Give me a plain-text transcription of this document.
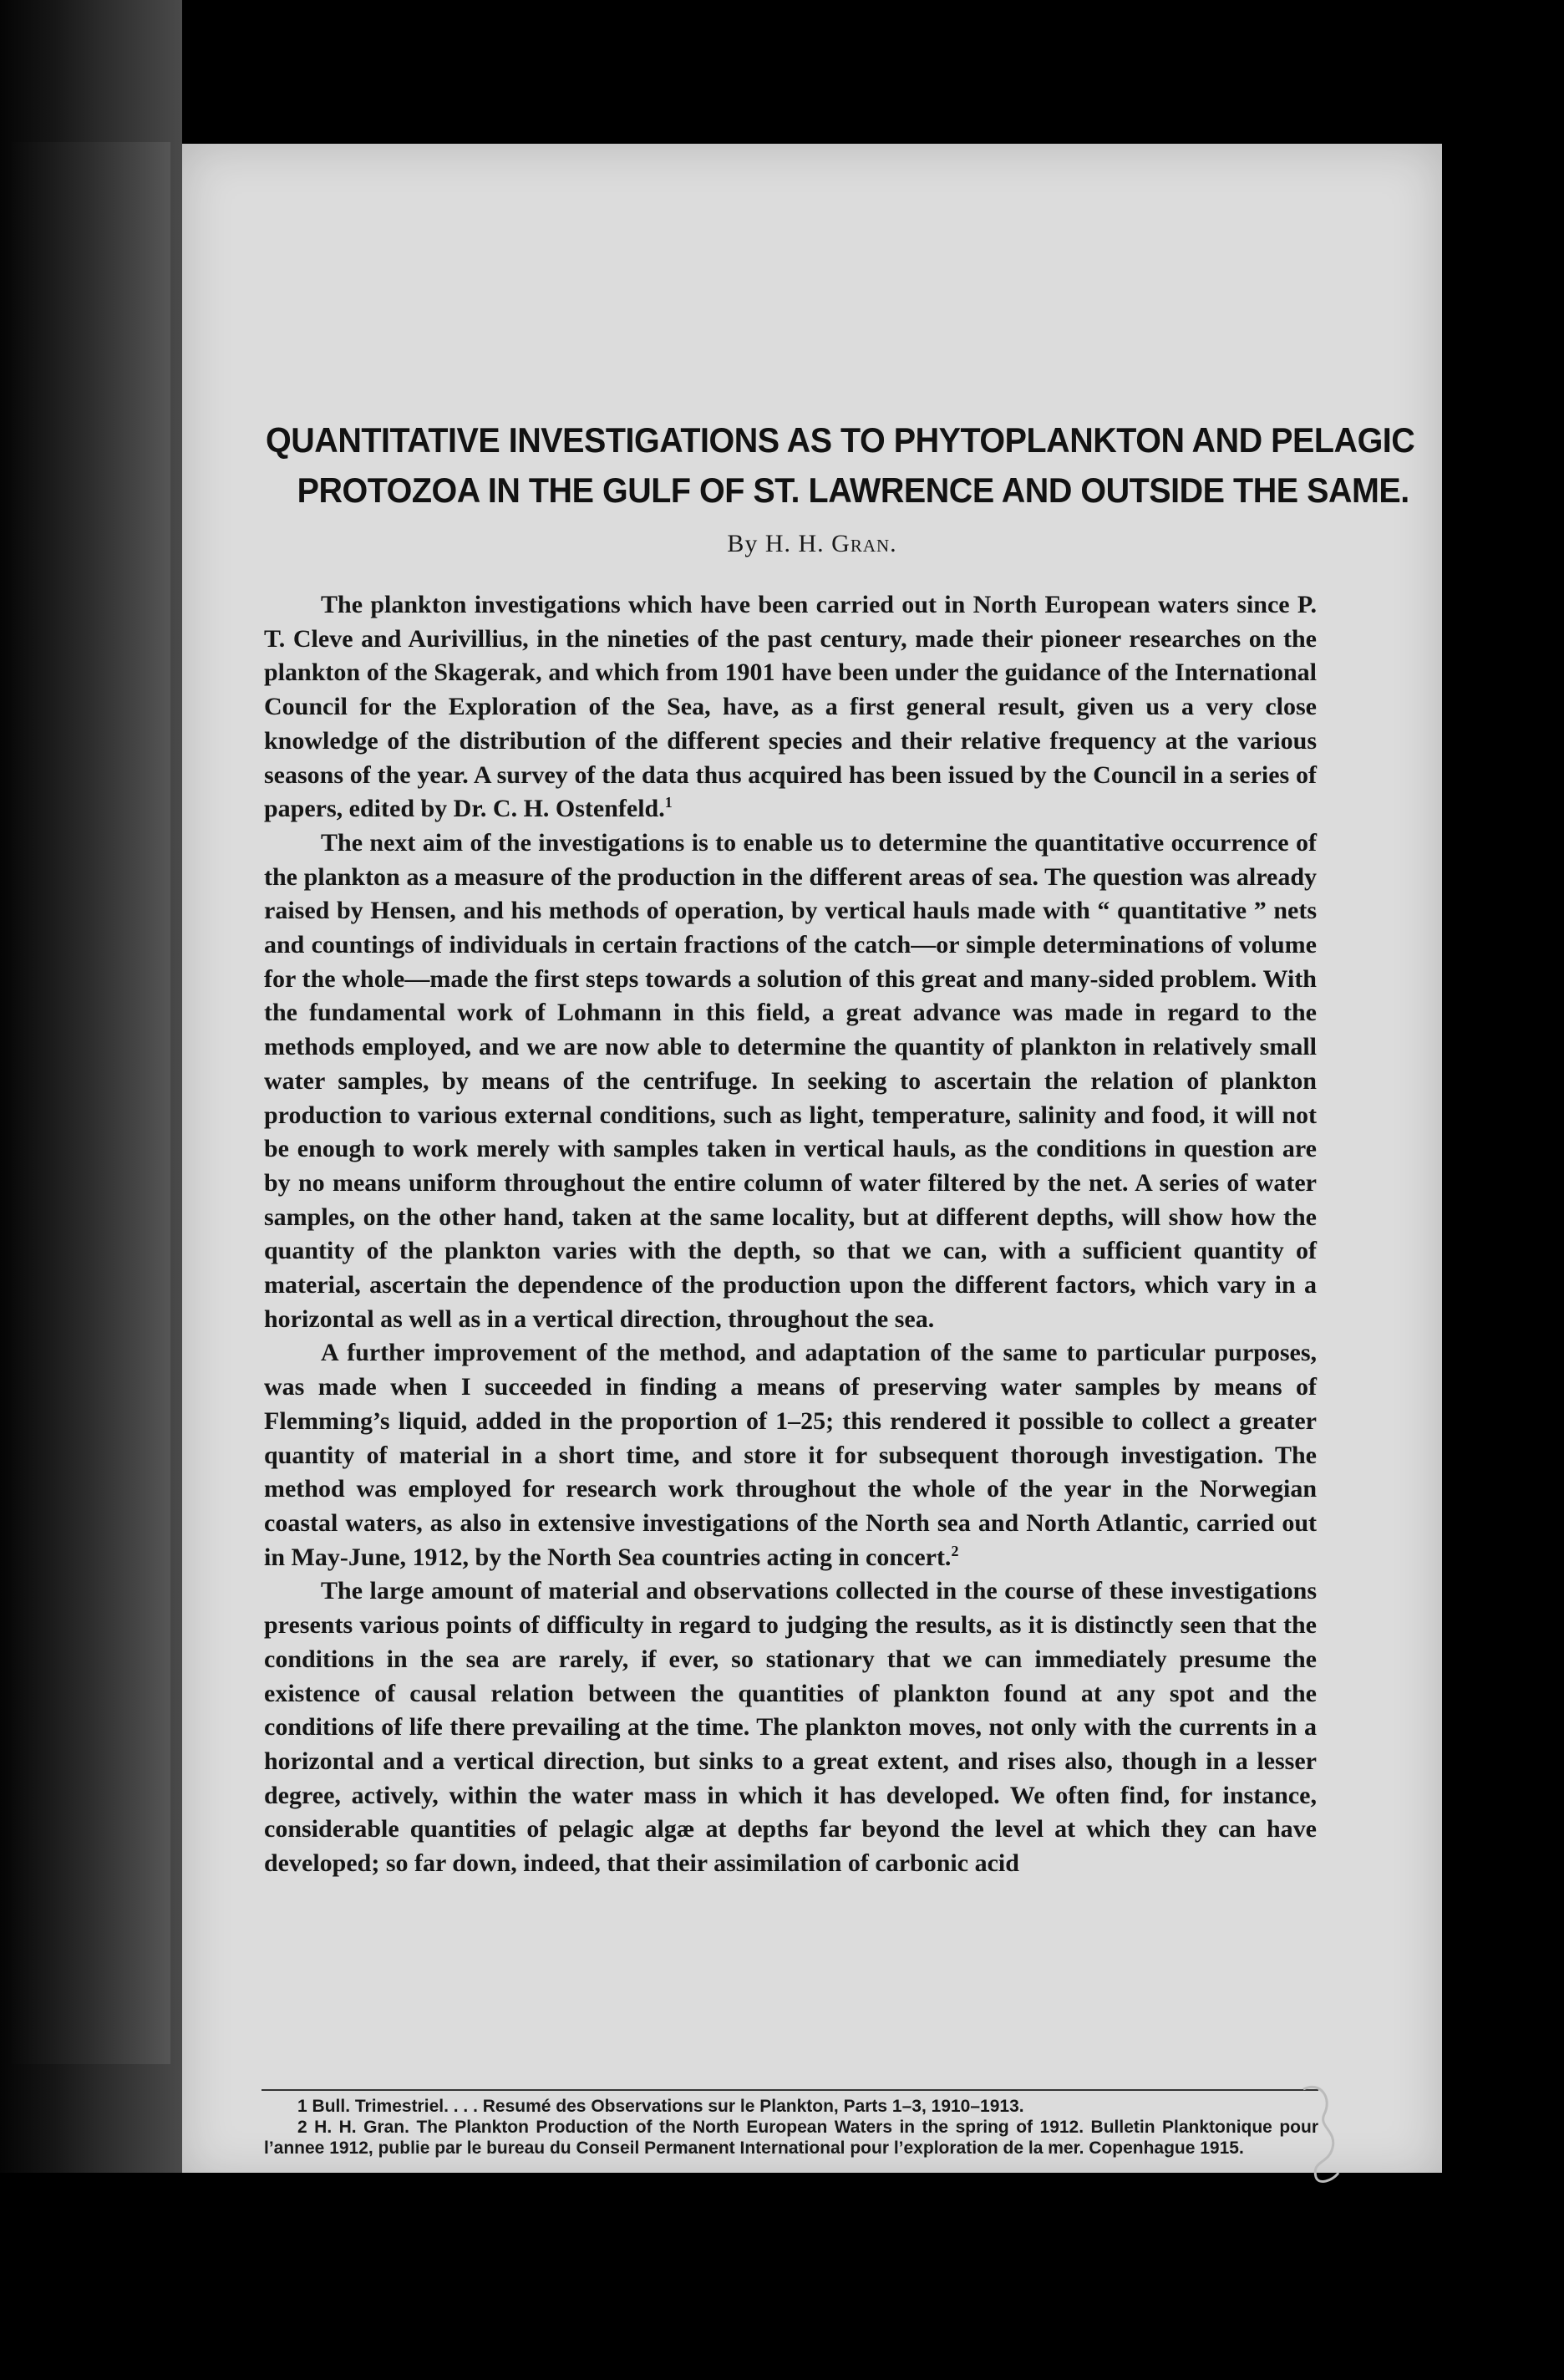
QUANTITATIVE INVESTIGATIONS AS TO PHYTOPLANKTON AND PELAGIC
PROTOZOA IN THE GULF OF ST. LAWRENCE AND OUTSIDE THE SAME.
By H. H. Gran.

The plankton investigations which have been carried out in North European waters since P. T. Cleve and Aurivillius, in the nineties of the past century, made their pioneer researches on the plankton of the Skagerak, and which from 1901 have been under the guidance of the International Council for the Exploration of the Sea, have, as a first general result, given us a very close knowledge of the distribution of the different species and their relative frequency at the various seasons of the year. A survey of the data thus acquired has been issued by the Council in a series of papers, edited by Dr. C. H. Ostenfeld.$^1$

The next aim of the investigations is to enable us to determine the quantitative occurrence of the plankton as a measure of the production in the different areas of sea. The question was already raised by Hensen, and his methods of operation, by vertical hauls made with “ quantitative ” nets and countings of individuals in certain fractions of the catch—or simple determinations of volume for the whole—made the first steps towards a solution of this great and many-sided problem. With the fundamental work of Lohmann in this field, a great advance was made in regard to the methods employed, and we are now able to determine the quantity of plankton in relatively small water samples, by means of the centrifuge. In seeking to ascertain the relation of plankton production to various external conditions, such as light, temperature, salinity and food, it will not be enough to work merely with samples taken in vertical hauls, as the conditions in question are by no means uniform throughout the entire column of water filtered by the net. A series of water samples, on the other hand, taken at the same locality, but at different depths, will show how the quantity of the plankton varies with the depth, so that we can, with a sufficient quantity of material, ascertain the dependence of the production upon the different factors, which vary in a horizontal as well as in a vertical direction, throughout the sea.

A further improvement of the method, and adaptation of the same to particular purposes, was made when I succeeded in finding a means of preserving water samples by means of Flemming’s liquid, added in the proportion of 1–25; this rendered it possible to collect a greater quantity of material in a short time, and store it for subsequent thorough investigation. The method was employed for research work throughout the whole of the year in the Norwegian coastal waters, as also in extensive investigations of the North sea and North Atlantic, carried out in May-June, 1912, by the North Sea countries acting in concert.$^2$

The large amount of material and observations collected in the course of these investigations presents various points of difficulty in regard to judging the results, as it is distinctly seen that the conditions in the sea are rarely, if ever, so stationary that we can immediately presume the existence of causal relation between the quantities of plankton found at any spot and the conditions of life there prevailing at the time. The plankton moves, not only with the currents in a horizontal and a vertical direction, but sinks to a great extent, and rises also, though in a lesser degree, actively, within the water mass in which it has developed. We often find, for instance, considerable quantities of pelagic algæ at depths far beyond the level at which they can have developed; so far down, indeed, that their assimilation of carbonic acid

1 Bull. Trimestriel. . . . Resumé des Observations sur le Plankton, Parts 1–3, 1910–1913.

2 H. H. Gran. The Plankton Production of the North European Waters in the spring of 1912. Bulletin Planktonique pour l’annee 1912, publie par le bureau du Conseil Permanent International pour l’exploration de la mer. Copenhague 1915.
